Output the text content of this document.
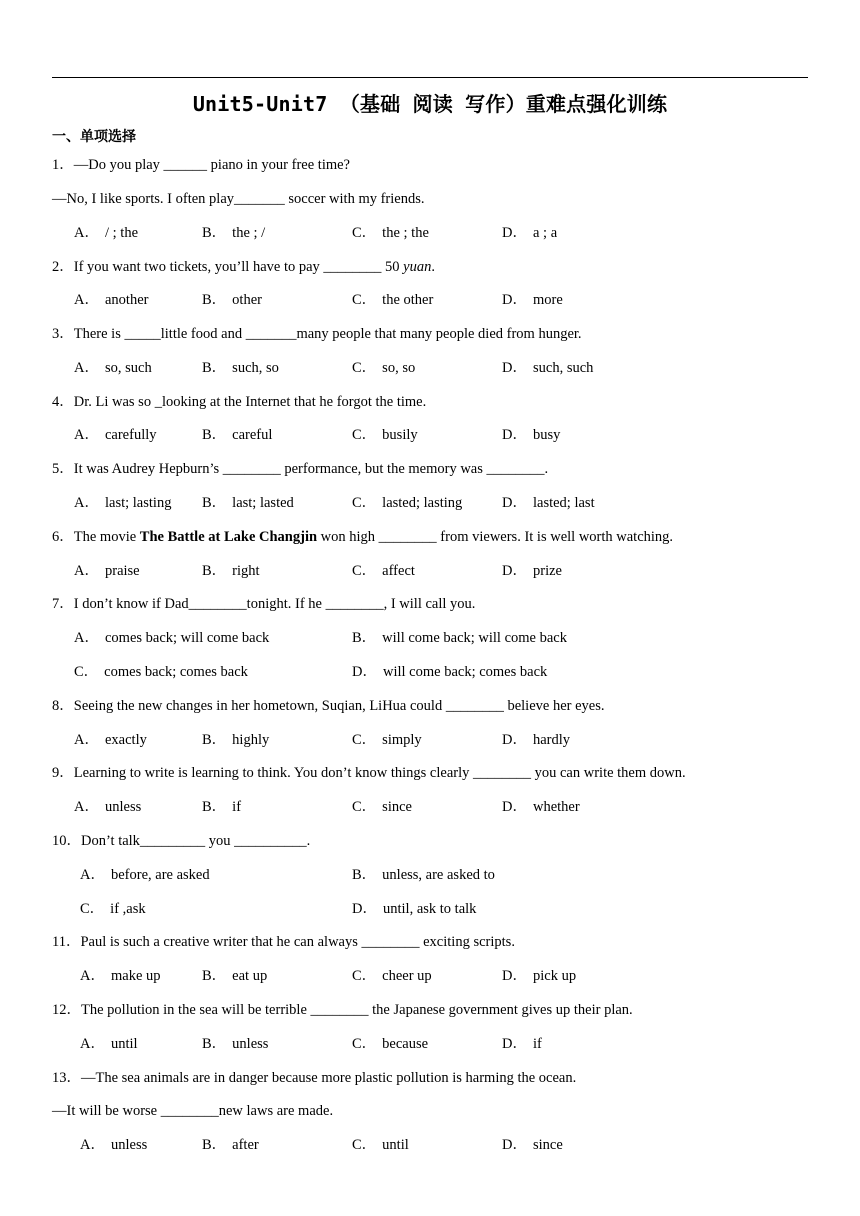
Unit5-Unit7 （基础 阅读 写作）重难点强化训练
一、单项选择
1．—Do you play ______ piano in your free time?
—No, I like sports. I often play_______ soccer with my friends.
A． / ; the	B． the ; /	C． the ; the	D． a ; a
2．If you want two tickets, you’ll have to pay ________ 50 yuan.
A． another	B． other	C． the other	D． more
3．There is _____little food and _______many people that many people died from hunger.
A． so, such	B． such, so	C． so, so	D． such, such
4．Dr. Li was so _looking at the Internet that he forgot the time.
A． carefully	B． careful	C． busily	D． busy
5．It was Audrey Hepburn’s ________ performance, but the memory was ________.
A． last; lasting B． last; lasted	C． lasted; lasting	D． lasted; last
6．The movie The Battle at Lake Changjin won high ________ from viewers. It is well worth watching.
A． praise	B． right	C． affect	D． prize
7．I don’t know if Dad________tonight. If he ________, I will call you.
A． comes back; will come back	B． will come back; will come back
C． comes back; comes back	D． will come back; comes back
8．Seeing the new changes in her hometown, Suqian, LiHua could ________ believe her eyes.
A． exactly	B． highly	C． simply	D． hardly
9．Learning to write is learning to think. You don’t know things clearly ________ you can write them down.
A． unless	B． if	C． since	D． whether
10．Don’t talk_________ you __________.
A． before, are asked	B． unless, are asked to
C． if ,ask	D． until, ask to talk
11．Paul is such a creative writer that he can always ________ exciting scripts.
A． make up	B． eat up	C． cheer up	D． pick up
12．The pollution in the sea will be terrible ________ the Japanese government gives up their plan.
A． until	B． unless	C． because	D． if
13．—The sea animals are in danger because more plastic pollution is harming the ocean.
—It will be worse ________new laws are made.
A． unless	B． after	C． until	D． since
